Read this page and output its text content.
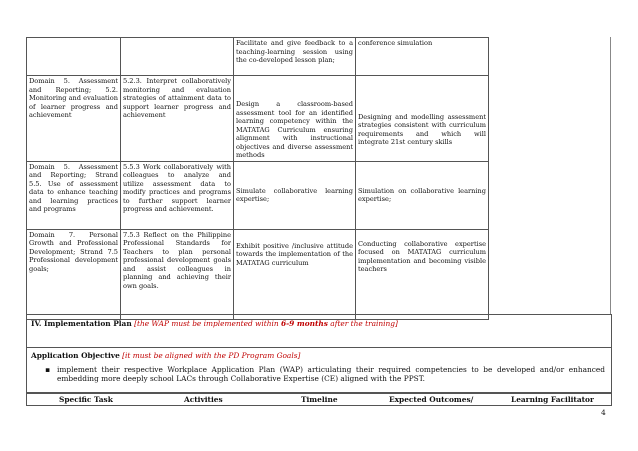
		Facilitate and give feedback to a teaching-learning session using the co-developed lesson plan;	conference simulation
Domain 5. Assessment and Reporting; 5.2. Monitoring and evaluation of learner progress and achievement	5.2.3. Interpret collaboratively monitoring and evaluation strategies of attainment data to support learner progress and achievement	Design a classroom-based assessment tool for an identified learning competency within the MATATAG Curriculum ensuring alignment with instructional objectives and diverse assessment methods	Designing and modelling assessment strategies consistent with curriculum requirements and which will integrate 21st century skills
Domain 5. Assessment and Reporting; Strand 5.5. Use of assessment data to enhance teaching and learning practices and programs	5.5.3 Work collaboratively with colleagues to analyze and utilize assessment data to modify practices and programs to further support learner progress and achievement.	Simulate collaborative learning expertise;	Simulation on collaborative learning expertise;
Domain 7. Personal Growth and Professional Development; Strand 7.5 Professional development goals;	7.5.3 Reflect on the Philippine Professional Standards for Teachers to plan personal professional development goals and assist colleagues in planning and achieving their own goals.	Exhibit positive /inclusive attitude towards the implementation of the MATATAG curriculum	Conducting collaborative expertise focused on MATATAG curriculum implementation and becoming visible teachers
IV. Implementation Plan [the WAP must be implemented within 6-9 months after the training]
Application Objective [it must be aligned with the PD Program Goals]
▪ implement their respective Workplace Application Plan (WAP) articulating their required competencies to be developed and/or enhanced embedding more deeply school LACs through Collaborative Expertise (CE) aligned with the PPST.
Specific Task	Activities	Timeline	Expected Outcomes/	Learning Facilitator
4
